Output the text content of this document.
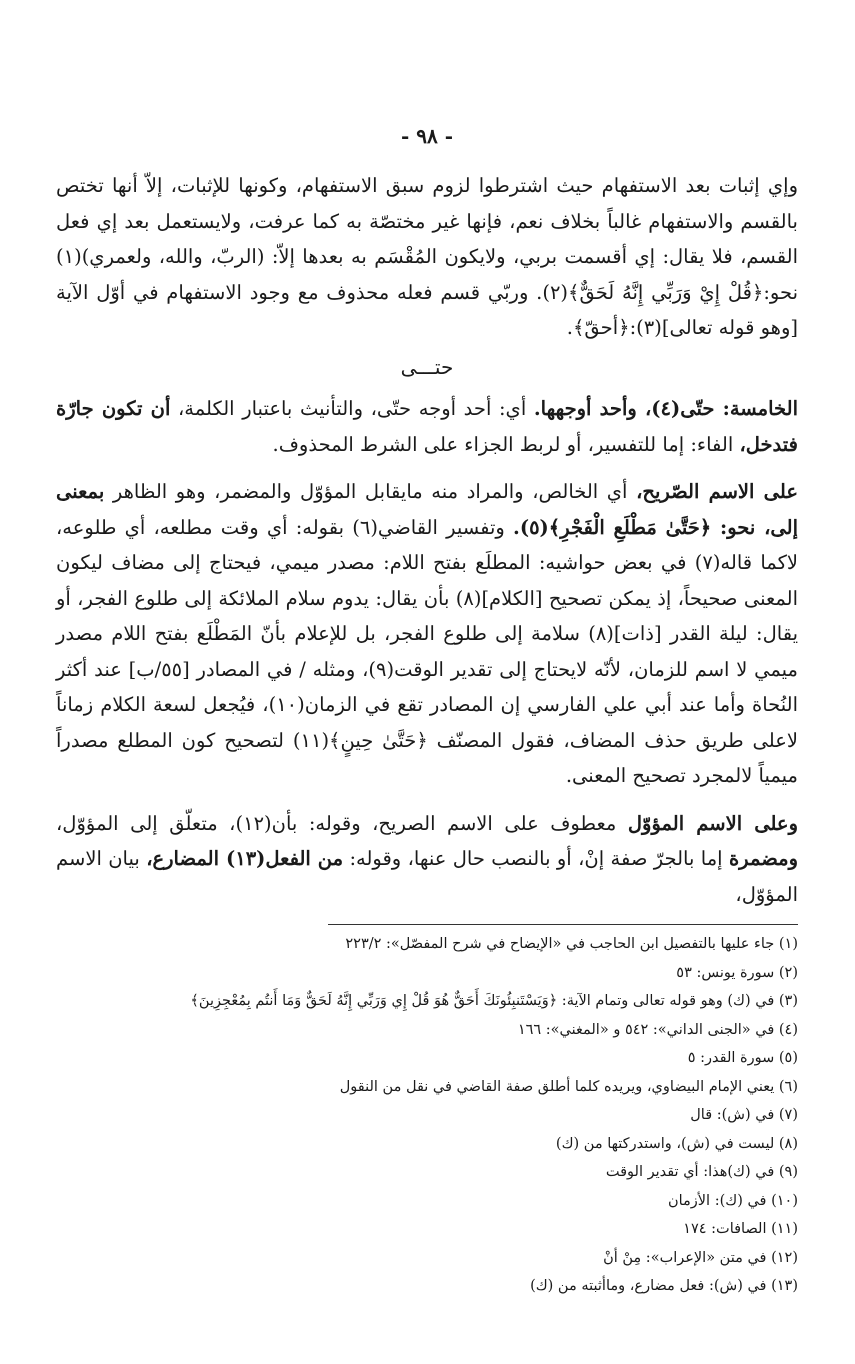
- ٩٨ -

وإي إثبات بعد الاستفهام حيث اشترطوا لزوم سبق الاستفهام، وكونها للإثبات، إلاّ أنها تختص بالقسم والاستفهام غالباً بخلاف نعم، فإنها غير مختصّة به كما عرفت، ولايستعمل بعد إي فعل القسم، فلا يقال: إي أقسمت بربي، ولايكون المُقْسَم به بعدها إلاّ: (الربّ، والله، ولعمري)(١) نحو:﴿قُلْ إِيْ وَرَبِّي إِنَّهُ لَحَقٌّ﴾(٢). وربّي قسم فعله محذوف مع وجود الاستفهام في أوّل الآية [وهو قوله تعالى](٣):﴿أحقّ﴾.

حتـــى

الخامسة: حتّى(٤)، وأحد أوجهها. أي: أحد أوجه حتّى، والتأنيث باعتبار الكلمة، أن تكون جارّة فتدخل، الفاء: إما للتفسير، أو لربط الجزاء على الشرط المحذوف.

على الاسم الصّريح، أي الخالص، والمراد منه مايقابل المؤوّل والمضمر، وهو الظاهر بمعنى إلى، نحو: ﴿حَتَّىٰ مَطْلَعِ الْفَجْرِ﴾(٥). وتفسير القاضي(٦) بقوله: أي وقت مطلعه، أي طلوعه، لاكما قاله(٧) في بعض حواشيه: المطلَع بفتح اللام: مصدر ميمي، فيحتاج إلى مضاف ليكون المعنى صحيحاً، إذ يمكن تصحيح [الكلام](٨) بأن يقال: يدوم سلام الملائكة إلى طلوع الفجر، أو يقال: ليلة القدر [ذات](٨) سلامة إلى طلوع الفجر، بل للإعلام بأنّ المَطْلَع بفتح اللام مصدر ميمي لا اسم للزمان، لأنّه لايحتاج إلى تقدير الوقت(٩)، ومثله / في المصادر [٥٥/ب] عند أكثر النُحاة وأما عند أبي علي الفارسي إن المصادر تقع في الزمان(١٠)، فيُجعل لسعة الكلام زماناً لاعلى طريق حذف المضاف، فقول المصنّف ﴿حَتَّىٰ حِينٍ﴾(١١) لتصحيح كون المطلع مصدراً ميمياً لالمجرد تصحيح المعنى.

وعلى الاسم المؤوّل معطوف على الاسم الصريح، وقوله: بأن(١٢)، متعلّق إلى المؤوّل، ومضمرة إما بالجرّ صفة إنْ، أو بالنصب حال عنها، وقوله: من الفعل(١٣) المضارع، بيان الاسم المؤوّل،

(١) جاء عليها بالتفصيل ابن الحاجب في «الإيضاح في شرح المفصّل»: ٢٢٣/٢

(٢) سورة يونس: ٥٣

(٣) في (ك) وهو قوله تعالى وتمام الآية: ﴿وَيَسْتَنبِئُونَكَ أَحَقٌّ هُوَ قُلْ إِي وَرَبِّي إِنَّهُ لَحَقٌّ وَمَا أَنتُم بِمُعْجِزِينَ﴾

(٤) في «الجنى الداني»: ٥٤٢ و «المغني»: ١٦٦

(٥) سورة القدر: ٥

(٦) يعني الإمام البيضاوي، ويريده كلما أطلق صفة القاضي في نقل من النقول

(٧) في (ش): قال

(٨) ليست في (ش)، واستدركتها من (ك)

(٩) في (ك)هذا: أي تقدير الوقت

(١٠) في (ك): الأزمان

(١١) الصافات: ١٧٤

(١٢) في متن «الإعراب»: مِنْ أنْ

(١٣) في (ش): فعل مضارع، وماأثبته من (ك)
